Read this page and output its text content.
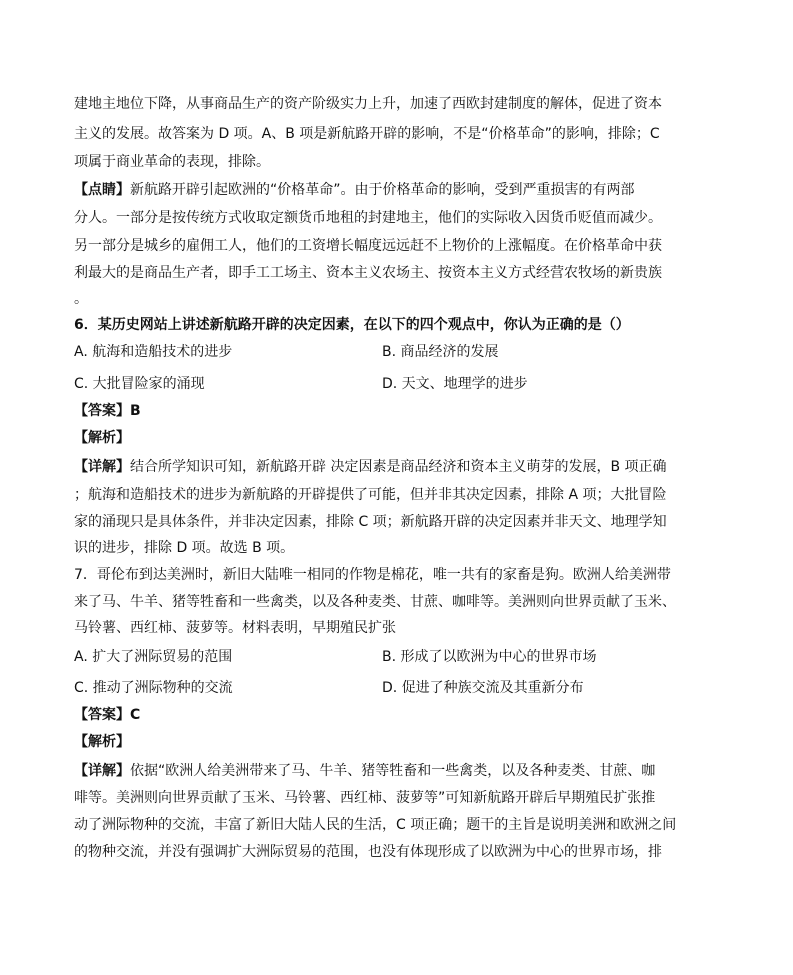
建地主地位下降，从事商品生产的资产阶级实力上升，加速了西欧封建制度的解体，促进了资本
主义的发展。故答案为 D 项。A、B 项是新航路开辟的影响，不是“价格革命”的影响，排除；C
项属于商业革命的表现，排除。
【点睛】新航路开辟引起欧洲的“价格革命”。由于价格革命的影响，受到严重损害的有两部
分人。一部分是按传统方式收取定额货币地租的封建地主，他们的实际收入因货币贬值而减少。
另一部分是城乡的雇佣工人，他们的工资增长幅度远远赶不上物价的上涨幅度。在价格革命中获
利最大的是商品生产者，即手工工场主、资本主义农场主、按资本主义方式经营农牧场的新贵族
。
6．某历史网站上讲述新航路开辟的决定因素，在以下的四个观点中，你认为正确的是（）
A. 航海和造船技术的进步	B. 商品经济的发展
C. 大批冒险家的涌现	D. 天文、地理学的进步
【答案】B
【解析】
【详解】结合所学知识可知，新航路开辟 决定因素是商品经济和资本主义萌芽的发展，B 项正确
；航海和造船技术的进步为新航路的开辟提供了可能，但并非其决定因素，排除 A 项；大批冒险
家的涌现只是具体条件，并非决定因素，排除 C 项；新航路开辟的决定因素并非天文、地理学知
识的进步，排除 D 项。故选 B 项。
7．哥伦布到达美洲时，新旧大陆唯一相同的作物是棉花，唯一共有的家畜是狗。欧洲人给美洲带
来了马、牛羊、猪等牲畜和一些禽类，以及各种麦类、甘蔗、咖啡等。美洲则向世界贡献了玉米、
马铃薯、西红柿、菠萝等。材料表明，早期殖民扩张
A. 扩大了洲际贸易的范围	B. 形成了以欧洲为中心的世界市场
C. 推动了洲际物种的交流	D. 促进了种族交流及其重新分布
【答案】C
【解析】
【详解】依据“欧洲人给美洲带来了马、牛羊、猪等牲畜和一些禽类，以及各种麦类、甘蔗、咖
啡等。美洲则向世界贡献了玉米、马铃薯、西红柿、菠萝等”可知新航路开辟后早期殖民扩张推
动了洲际物种的交流，丰富了新旧大陆人民的生活，C 项正确；题干的主旨是说明美洲和欧洲之间
的物种交流，并没有强调扩大洲际贸易的范围，也没有体现形成了以欧洲为中心的世界市场，排
